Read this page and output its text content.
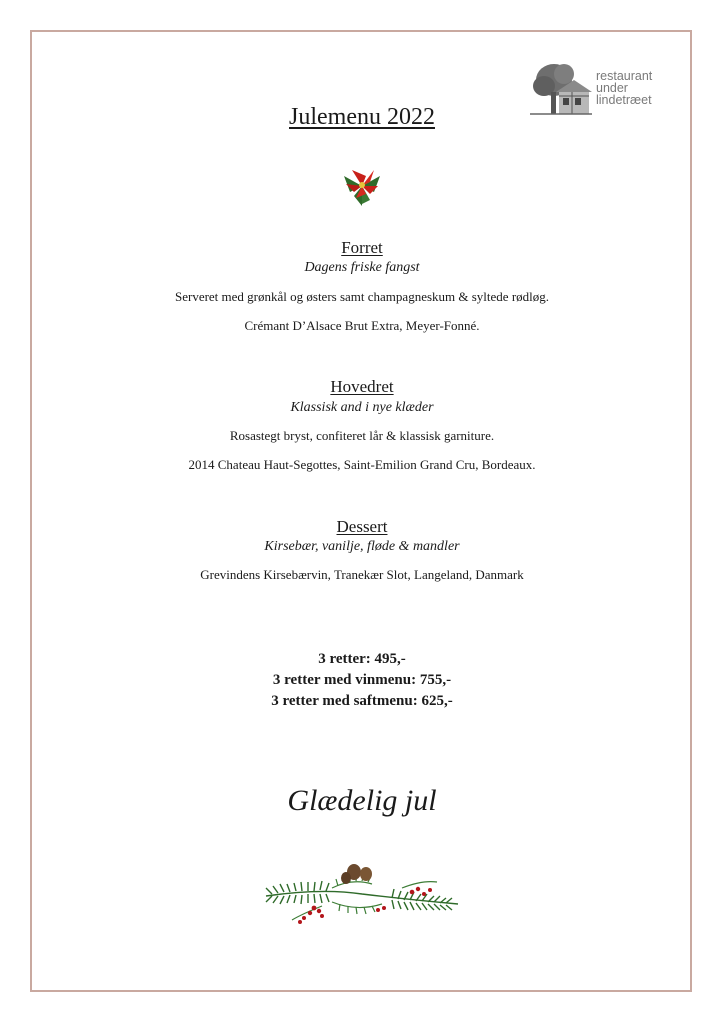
restaurant
under
lindetræet
Julemenu 2022
Forret
Dagens friske fangst
Serveret med grønkål og østers samt champagneskum & syltede rødløg.
Crémant D’Alsace Brut Extra, Meyer-Fonné.
Hovedret
Klassisk and i nye klæder
Rosastegt bryst, confiteret lår & klassisk garniture.
2014 Chateau Haut-Segottes, Saint-Emilion Grand Cru, Bordeaux.
Dessert
Kirsebær, vanilje, fløde & mandler
Grevindens Kirsebærvin, Tranekær Slot, Langeland, Danmark
3 retter: 495,-
3 retter med vinmenu: 755,-
3 retter med saftmenu: 625,-
Glædelig jul
